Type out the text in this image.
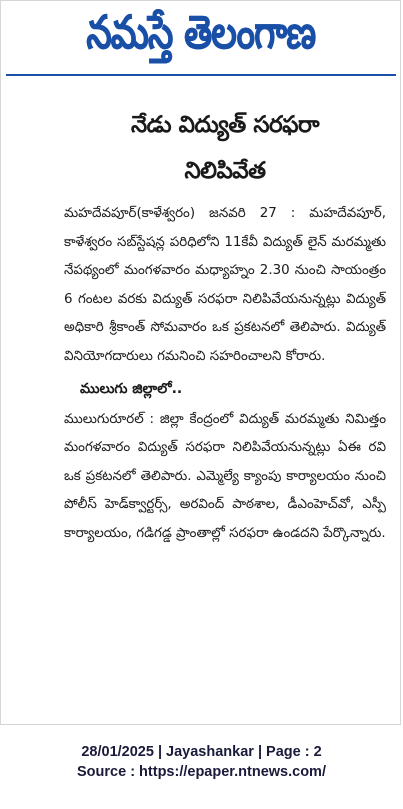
నమస్తే తెలంగాణ
నేడు విద్యుత్ సరఫరా
నిలిపివేత

మహదేవపూర్(కాళేశ్వరం) జనవరి 27 : మహదేవపూర్, కాళేశ్వరం సబ్‌స్టేషన్ల పరిధిలోని 11కేవీ విద్యుత్ లైన్ మరమ్మతు నేపథ్యంలో మంగళవారం మధ్యాహ్నం 2.30 నుంచి సాయంత్రం 6 గంటల వరకు విద్యుత్ సరఫరా నిలిపివేయనున్నట్లు విద్యుత్ అధికారి శ్రీకాంత్ సోమవారం ఒక ప్రకటనలో తెలిపారు. విద్యుత్ వినియోగదారులు గమనించి సహరించాలని కోరారు.

ములుగు జిల్లాలో..

ములుగురూరల్ : జిల్లా కేంద్రంలో విద్యుత్ మరమ్మతు నిమిత్తం మంగళవారం విద్యుత్ సరఫరా నిలిపివేయనున్నట్లు ఏఈ రవి ఒక ప్రకటనలో తెలిపారు. ఎమ్మెల్యే క్యాంపు కార్యాలయం నుంచి పోలీస్ హెడ్‌క్వార్టర్స్, అరవింద్ పాఠశాల, డీఎంహెచ్‌వో, ఎస్పీ కార్యాలయం, గడిగడ్డ ప్రాంతాల్లో సరఫరా ఉండదని పేర్కొన్నారు.

28/01/2025 | Jayashankar | Page : 2
Source : https://epaper.ntnews.com/
